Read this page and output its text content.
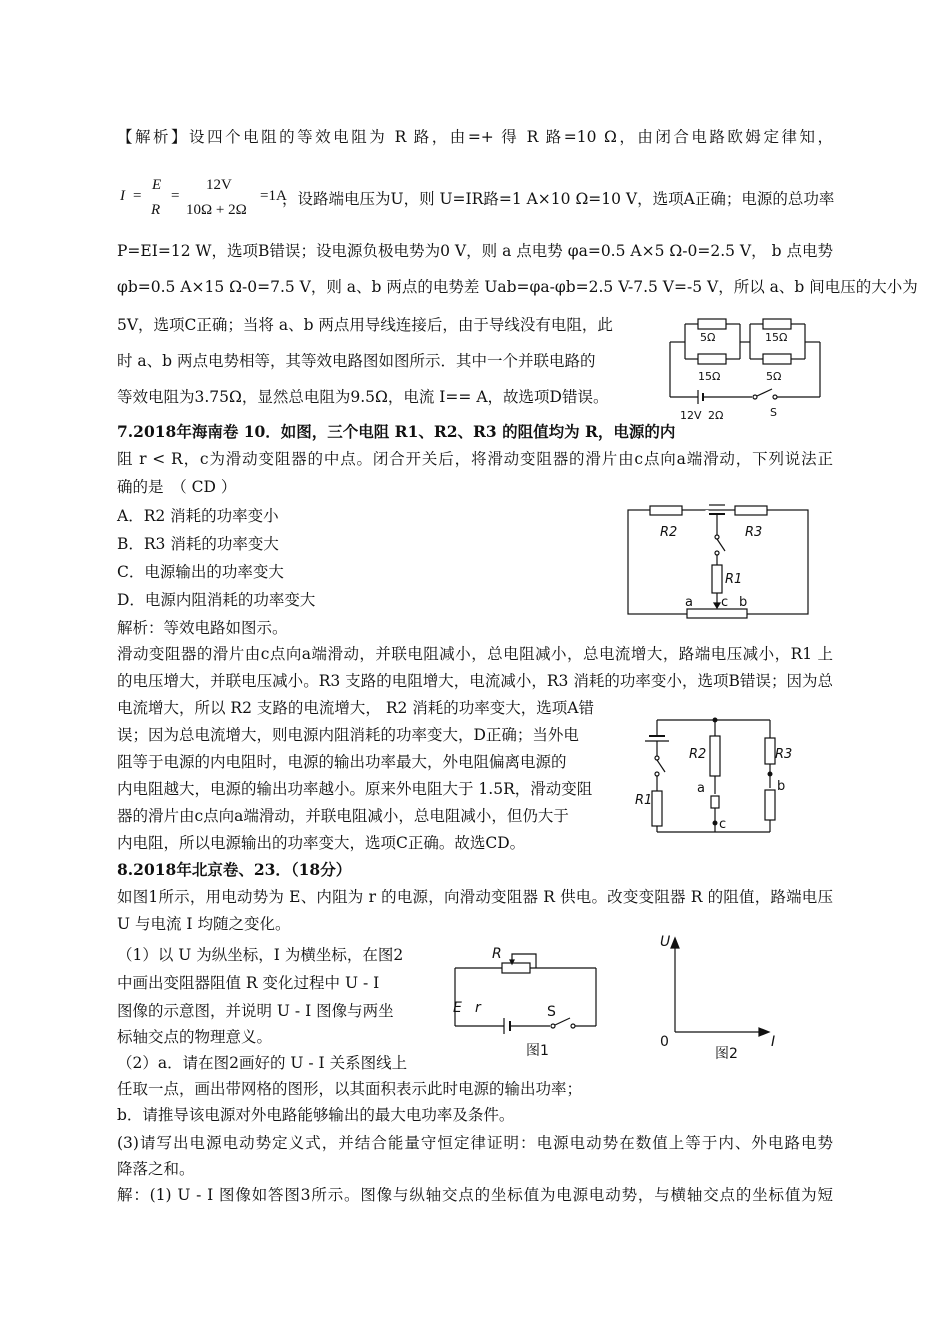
【解析】设四个电阻的等效电阻为 R 路，由=+ 得 R 路=10 Ω，由闭合电路欧姆定律知，
I =
E
R
=
12V
10Ω + 2Ω
=1A
，设路端电压为U，则 U=IR路=1 A×10 Ω=10 V，选项A正确；电源的总功率
P=EI=12 W，选项B错误；设电源负极电势为0 V，则 a 点电势 φa=0.5 A×5 Ω-0=2.5 V， b 点电势
φb=0.5 A×15 Ω-0=7.5 V，则 a、b 两点的电势差 Uab=φa-φb=2.5 V-7.5 V=-5 V，所以 a、b 间电压的大小为
5V，选项C正确；当将 a、b 两点用导线连接后，由于导线没有电阻，此
时 a、b 两点电势相等，其等效电路图如图所示．其中一个并联电路的
等效电阻为3.75Ω，显然总电阻为9.5Ω，电流 I== A，故选项D错误。
7.2018年海南卷 10．如图，三个电阻 R1、R2、R3 的阻值均为 R，电源的内
阻 r < R，c为滑动变阻器的中点。闭合开关后，将滑动变阻器的滑片由c点向a端滑动，下列说法正
确的是　（ CD ）
A．R2 消耗的功率变小
B．R3 消耗的功率变大
C．电源输出的功率变大
D．电源内阻消耗的功率变大
解析：等效电路如图示。
滑动变阻器的滑片由c点向a端滑动，并联电阻减小，总电阻减小，总电流增大，路端电压减小，R1 上
的电压增大，并联电压减小。R3 支路的电阻增大，电流减小，R3 消耗的功率变小，选项B错误；因为总
电流增大，所以 R2 支路的电流增大， R2 消耗的功率变大，选项A错
误；因为总电流增大，则电源内阻消耗的功率变大，D正确；当外电
阻等于电源的内电阻时，电源的输出功率最大，外电阻偏离电源的
内电阻越大，电源的输出功率越小。原来外电阻大于 1.5R，滑动变阻
器的滑片由c点向a端滑动，并联电阻减小，总电阻减小，但仍大于
内电阻，所以电源输出的功率变大，选项C正确。故选CD。
8.2018年北京卷、23．（18分）
如图1所示，用电动势为 E、内阻为 r 的电源，向滑动变阻器 R 供电。改变变阻器 R 的阻值，路端电压
U 与电流 I 均随之变化。
（1）以 U 为纵坐标，I 为横坐标，在图2
中画出变阻器阻值 R 变化过程中 U - I
图像的示意图，并说明 U - I 图像与两坐
标轴交点的物理意义。
（2）a．请在图2画好的 U - I 关系图线上
任取一点，画出带网格的图形，以其面积表示此时电源的输出功率；
b．请推导该电源对外电路能够输出的最大电功率及条件。
(3)请写出电源电动势定义式，并结合能量守恒定律证明：电源电动势在数值上等于内、外电路电势
降落之和。
解：(1) U - I 图像如答图3所示。图像与纵轴交点的坐标值为电源电动势，与横轴交点的坐标值为短
5Ω	15Ω
15Ω	5Ω
12V 2Ω	S
R2	R3
R1
a c b
R2	R3
R1
a	b
c
R
E r	S
图1
U
I
0
图2
